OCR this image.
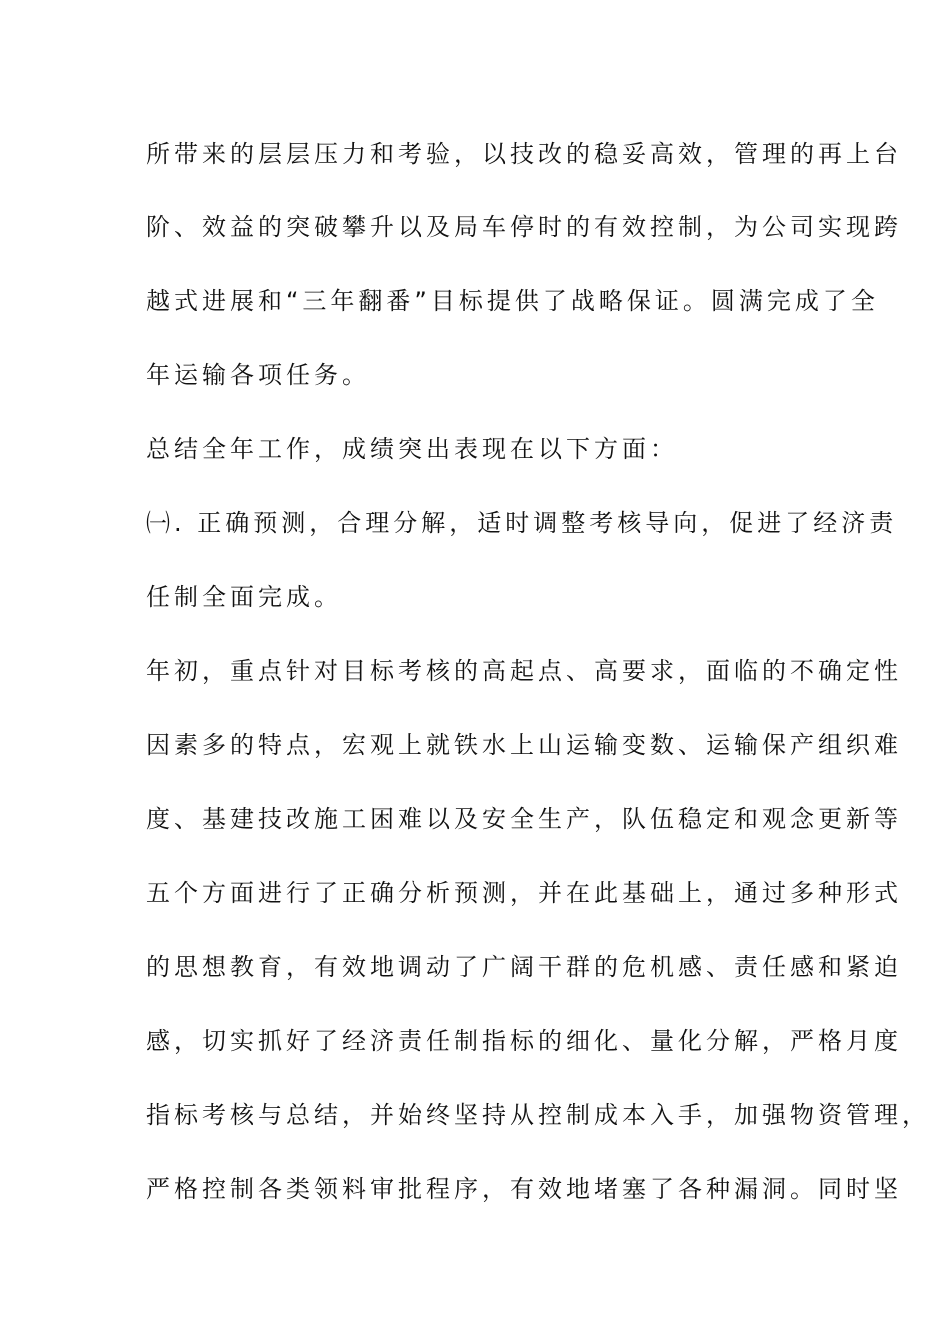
所带来的层层压力和考验，以技改的稳妥高效，管理的再上台
阶、效益的突破攀升以及局车停时的有效控制，为公司实现跨
越式进展和“三年翻番”目标提供了战略保证。圆满完成了全
年运输各项任务。
总结全年工作，成绩突出表现在以下方面：
㈠. 正确预测，合理分解，适时调整考核导向，促进了经济责
任制全面完成。
年初，重点针对目标考核的高起点、高要求，面临的不确定性
因素多的特点，宏观上就铁水上山运输变数、运输保产组织难
度、基建技改施工困难以及安全生产，队伍稳定和观念更新等
五个方面进行了正确分析预测，并在此基础上，通过多种形式
的思想教育，有效地调动了广阔干群的危机感、责任感和紧迫
感，切实抓好了经济责任制指标的细化、量化分解，严格月度
指标考核与总结，并始终坚持从控制成本入手，加强物资管理，
严格控制各类领料审批程序，有效地堵塞了各种漏洞。同时坚
